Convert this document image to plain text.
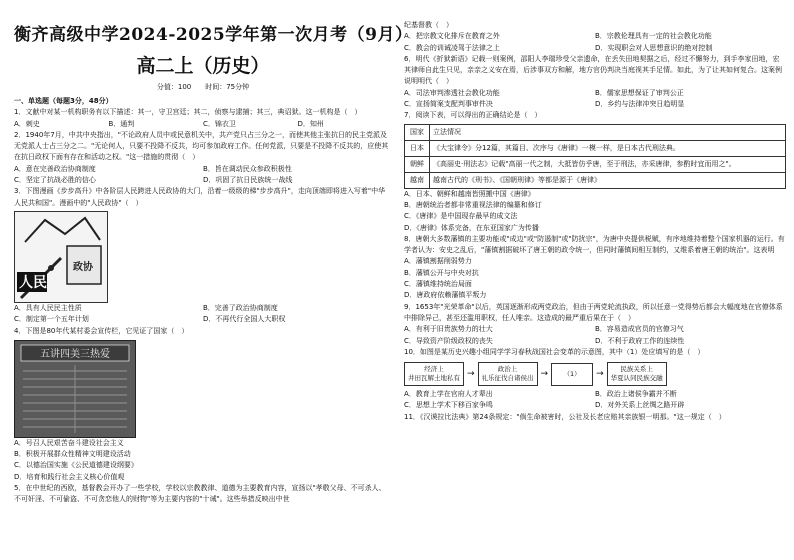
衡齐高级中学2024-2025学年第一次月考（9月）
高二上（历史）
分值：100　　时间：75分钟
一、单选题（每题3分，48分）

1．文献中对某一机构职务有以下描述：其一，守卫宫廷；其二，侦察与逮捕；其三，典诏狱。这一机构是（　）

A．刺史	B．通判	C．锦衣卫	D．知州

2．1940年7月，中共中央指出，"不论政府人员中或民意机关中，共产党只占三分之一，而使其他主张抗日的民主党派及无党派人士占三分之二。"无论何人，只要不投降不反共，均可参加政府工作。任何党派，只要是不投降不反共的，应使其在抗日政权下面有存在和活动之权。"这一措施的贯彻（　）

A．意在完善政治协商制度	B．旨在调动民众参政积极性
C．坚定了抗战必胜的信心	D．巩固了抗日民族统一战线

3．下图漫画《步步高升》中各阶层人民跨进人民政协的大门，沿着一级级的梯"步步高升"，走向顶端即将进入写着"中华人民共和国"。漫画中的"人民政协"（　）

人民
政协
A．具有人民民主性质	B．完善了政治协商制度
C．制定第一个五年计划	D．不再代行全国人大职权

4．下图是80年代某村委会宣传栏，它见证了国家（　）

五讲四美三热爱
A．号召人民艰苦奋斗建设社会主义
B．积极开展群众性精神文明建设活动
C．以德治国实施《公民道德建设纲要》
D．培育和践行社会主义核心价值观

5．在中世纪的西欧，基督教会开办了一些学校，学校以宗教教律、道德为主要教育内容，宣扬以"孝敬父母、不可杀人、不可奸淫、不可偷盗、不可贪恋他人的财物"等为主要内容的"十诫"。这些举措反映出中世

纪基督教（　）

A．把宗教文化排斥在教育之外	B．宗教伦理具有一定的社会教化功能
C．教会的训诫凌驾于法律之上	D．实现职会对人思想意识的绝对控制

6．明代《折狱新语》记载一则案例，邵阳人李瑞珍受父亲遗命，在丢失田地契据之后，经过不懈努力，到手李家田地，宏其律师自此生只见，亲亲之义安在焉，后涉事双方和解，地方官仍判决当庭视其手足情。如此，为了让其如何复合。这案例说明明代（　）

A．司法审判渗透社会教化功能	B．儒家思想保证了审判公正
C．宣扬简案支配判事审件决	D．乡约与法律冲突日趋明显

7．阅读下表，可以得出的正确结论是（　）

国家	立法情况
日本	《大宝律令》分12篇，其篇目、次序与《唐律》一模一样，是日本古代刑法典。
朝鲜	《高丽史·刑法志》记载"高丽一代之制，大抵皆仿乎唐，至于刑法，亦采唐律，参酌时宜而用之"。
越南	越南古代的《刑书》、《国朝刑律》等都是源于《唐律》
A．日本、朝鲜和越南皆照搬中国《唐律》
B．唐朝统治者都非常重视法律的编纂和修订
C．《唐律》是中国现存最早的成文法
D．《唐律》体系完备，在东亚国家广为传播

8．唐朝大多数藩镇的主要功能或"成边"或"防遏制"或"防扰宗"，为唐中央提供税赋，有序地维持着整个国家机器的运行。有学者认为：安史之乱后，"藩镇割据破坏了唐王朝的政令统一，但同时藩镇间相互制约，又维系着唐王朝的统治"。这表明

A．藩镇割据削弱势力
B．藩镇公开与中央对抗
C．藩镇维持统治局面
D．唐政府依赖藩镇平叛力

9．1653年"光荣革命"以后，英国逐渐形成两党政治，但由于两党轮流执政，所以任意一党得势后都会大幅度地在官僚体系中排除异己，甚至还滥用职权，任人唯亲。这造成的最严重后果在于（　）

A．有利于旧贵族势力的壮大	B．容易造成官员的官僚习气
C．导致资产阶级政权的丧失	D．不利于政府工作的连续性

10．如图是某历史兴趣小组同学学习春秋战国社会变革的示意图，其中（1）处应填写的是（　）

经济上
井田瓦解土地私有 →	政治上
礼乐征伐自诸侯出 →	（1）	→	民族关系上
华夏认同民族交融
A．教育上学在官府人才辈出	B．政治上诸侯争霸并不断
C．思想上学术下移百家争鸣	D．对外关系上丝绸之路开辟

11．《汉谟拉比法典》第24条规定："倘生命被害时，公社及长老应赔其亲族银一明那。"这一规定（　）
